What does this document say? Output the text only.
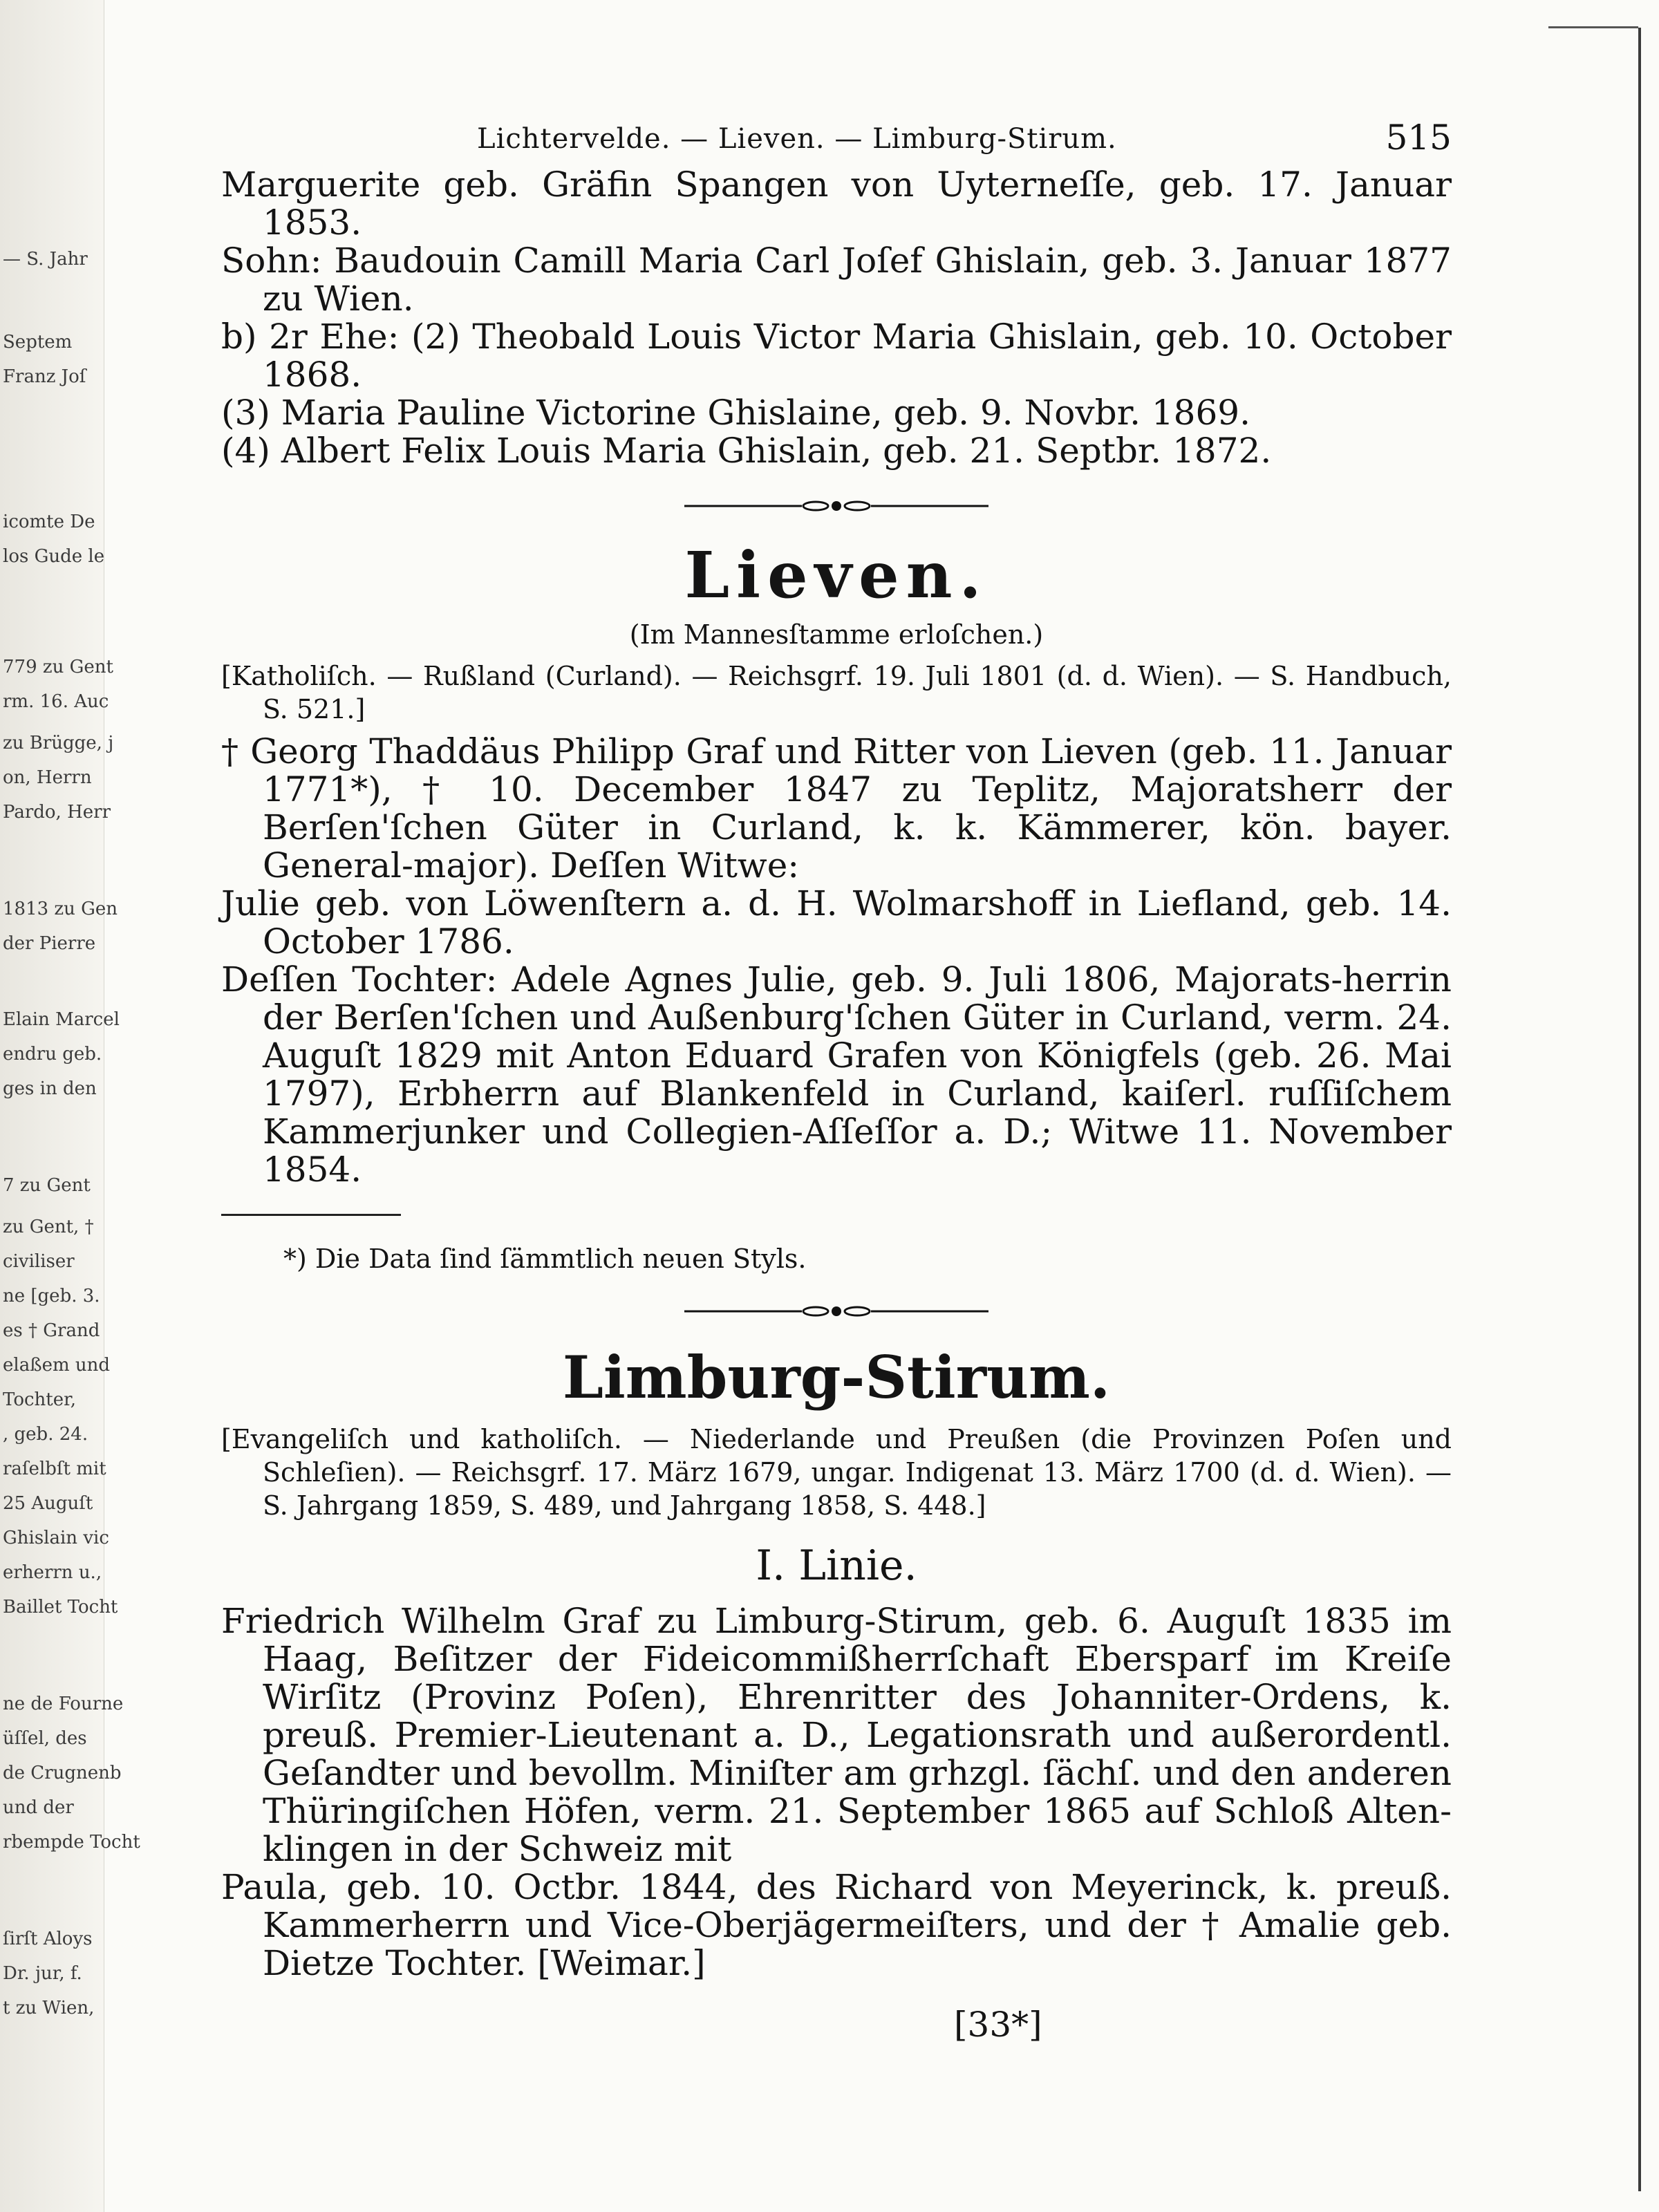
— S. Jahr
Septem
Franz Joſ
icomte De
los Gude le
779 zu Gent
rm. 16. Auc
zu Brügge, j
on, Herrn
Pardo, Herr
1813 zu Gen
der Pierre
Elain Marcel
endru geb.
ges in den
7 zu Gent
zu Gent, †
civiliser
ne [geb. 3.
es † Grand
elaßem und
Tochter,
, geb. 24.
raſelbſt mit
25 Auguſt
Ghislain vic
erherrn u.,
Baillet Tocht
ne de Fourne
üſſel, des
de Crugnenb
und der
rbempde Tocht
ſirſt Aloys
Dr. jur, f.
t zu Wien,
Lichtervelde. — Lieven. — Limburg-Stirum.	515

Marguerite geb. Gräfin Spangen von Uyterneſſe, geb. 17. Januar 1853.

Sohn: Baudouin Camill Maria Carl Joſef Ghislain, geb. 3. Januar 1877 zu Wien.

b) 2r Ehe: (2) Theobald Louis Victor Maria Ghislain, geb. 10. October 1868.

(3) Maria Pauline Victorine Ghislaine, geb. 9. Novbr. 1869.

(4) Albert Felix Louis Maria Ghislain, geb. 21. Septbr. 1872.

Lieven.

(Im Mannesſtamme erloſchen.)

[Katholiſch. — Rußland (Curland). — Reichsgrf. 19. Juli 1801 (d. d. Wien). — S. Handbuch, S. 521.]

† Georg Thaddäus Philipp Graf und Ritter von Lieven (geb. 11. Januar 1771*), † 10. December 1847 zu Teplitz, Majoratsherr der Berſen'ſchen Güter in Curland, k. k. Kämmerer, kön. bayer. General-major). Deſſen Witwe:

Julie geb. von Löwenſtern a. d. H. Wolmarshoff in Liefland, geb. 14. October 1786.

Deſſen Tochter: Adele Agnes Julie, geb. 9. Juli 1806, Majorats-herrin der Berſen'ſchen und Außenburg'ſchen Güter in Curland, verm. 24. Auguſt 1829 mit Anton Eduard Grafen von Königfels (geb. 26. Mai 1797), Erbherrn auf Blankenfeld in Curland, kaiſerl. ruſſiſchem Kammerjunker und Collegien-Aſſeſſor a. D.; Witwe 11. November 1854.

*) Die Data ſind ſämmtlich neuen Styls.

Limburg-Stirum.

[Evangeliſch und katholiſch. — Niederlande und Preußen (die Provinzen Poſen und Schleſien). — Reichsgrf. 17. März 1679, ungar. Indigenat 13. März 1700 (d. d. Wien). — S. Jahrgang 1859, S. 489, und Jahrgang 1858, S. 448.]

I. Linie.

Friedrich Wilhelm Graf zu Limburg-Stirum, geb. 6. Auguſt 1835 im Haag, Beſitzer der Fideicommißherrſchaft Ebersparf im Kreiſe Wirſitz (Provinz Poſen), Ehrenritter des Johanniter-Ordens, k. preuß. Premier-Lieutenant a. D., Legationsrath und außerordentl. Geſandter und bevollm. Miniſter am grhzgl. ſächſ. und den anderen Thüringiſchen Höfen, verm. 21. September 1865 auf Schloß Alten-klingen in der Schweiz mit

Paula, geb. 10. Octbr. 1844, des Richard von Meyerinck, k. preuß. Kammerherrn und Vice-Oberjägermeiſters, und der † Amalie geb. Dietze Tochter. [Weimar.]

[33*]
